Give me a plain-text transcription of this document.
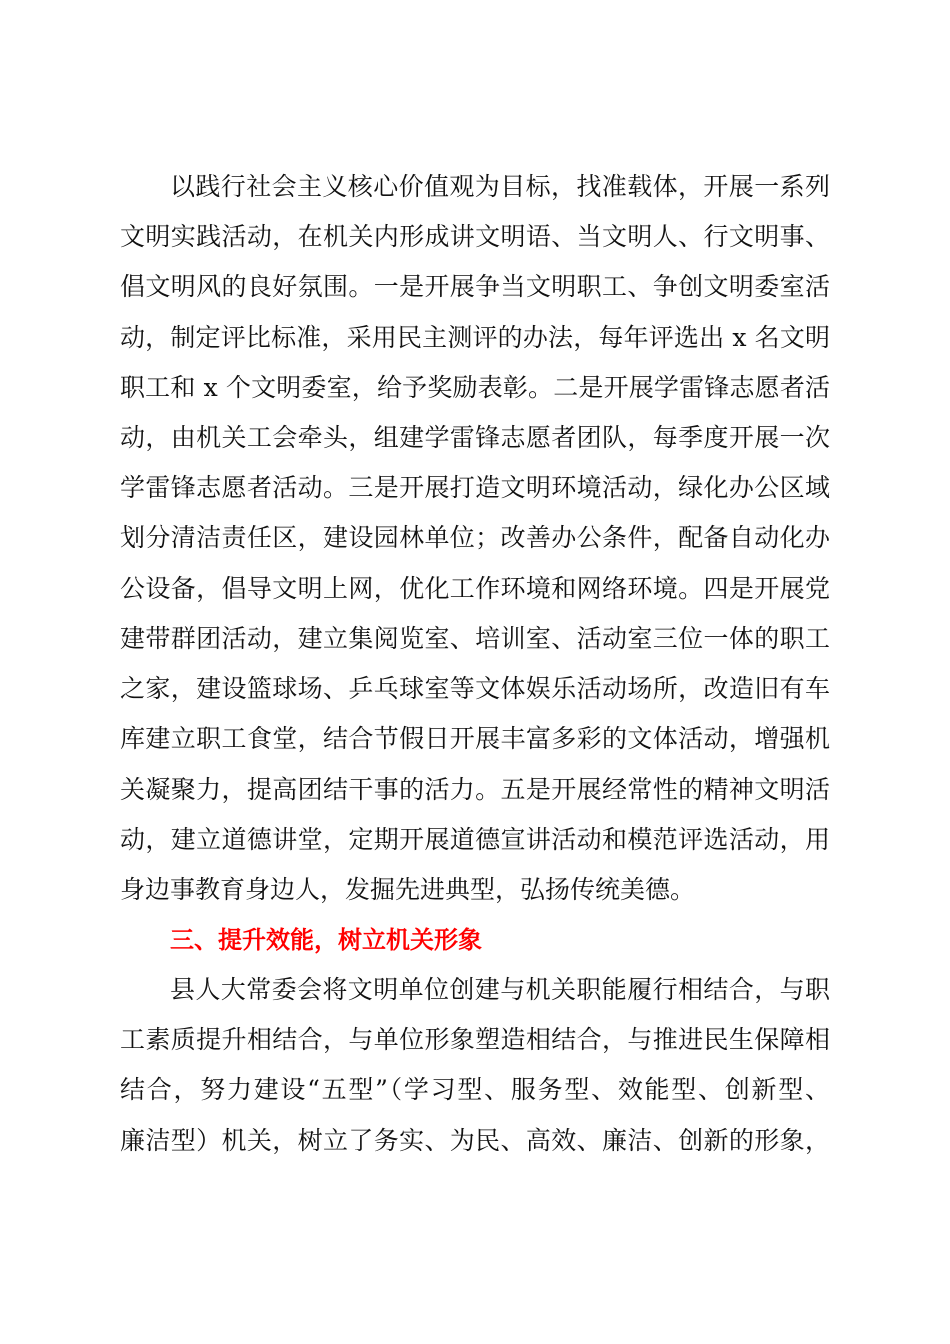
以践行社会主义核心价值观为目标，找准载体，开展一系列

文明实践活动，在机关内形成讲文明语、当文明人、行文明事、

倡文明风的良好氛围。一是开展争当文明职工、争创文明委室活

动，制定评比标准，采用民主测评的办法，每年评选出 x 名文明

职工和 x 个文明委室，给予奖励表彰。二是开展学雷锋志愿者活

动，由机关工会牵头，组建学雷锋志愿者团队，每季度开展一次

学雷锋志愿者活动。三是开展打造文明环境活动，绿化办公区域

划分清洁责任区，建设园林单位；改善办公条件，配备自动化办

公设备，倡导文明上网，优化工作环境和网络环境。四是开展党

建带群团活动，建立集阅览室、培训室、活动室三位一体的职工

之家，建设篮球场、乒乓球室等文体娱乐活动场所，改造旧有车

库建立职工食堂，结合节假日开展丰富多彩的文体活动，增强机

关凝聚力，提高团结干事的活力。五是开展经常性的精神文明活

动，建立道德讲堂，定期开展道德宣讲活动和模范评选活动，用

身边事教育身边人，发掘先进典型，弘扬传统美德。

三、提升效能，树立机关形象

县人大常委会将文明单位创建与机关职能履行相结合，与职

工素质提升相结合，与单位形象塑造相结合，与推进民生保障相

结合，努力建设“五型”（学习型、服务型、效能型、创新型、

廉洁型）机关，树立了务实、为民、高效、廉洁、创新的形象，
